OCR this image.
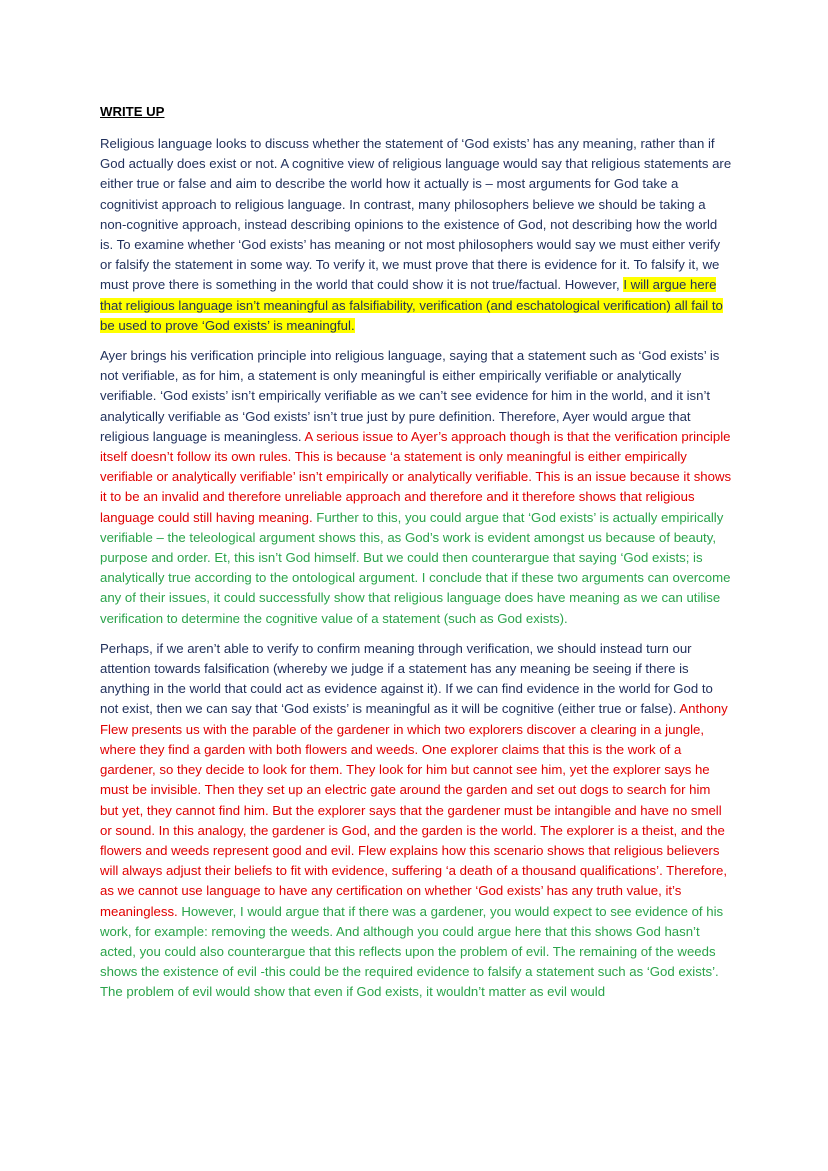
WRITE UP

Religious language looks to discuss whether the statement of ‘God exists’ has any meaning, rather than if God actually does exist or not. A cognitive view of religious language would say that religious statements are either true or false and aim to describe the world how it actually is – most arguments for God take a cognitivist approach to religious language. In contrast, many philosophers believe we should be taking a non-cognitive approach, instead describing opinions to the existence of God, not describing how the world is. To examine whether ‘God exists’ has meaning or not most philosophers would say we must either verify or falsify the statement in some way. To verify it, we must prove that there is evidence for it. To falsify it, we must prove there is something in the world that could show it is not true/factual. However, I will argue here that religious language isn’t meaningful as falsifiability, verification (and eschatological verification) all fail to be used to prove ‘God exists’ is meaningful.

Ayer brings his verification principle into religious language, saying that a statement such as ‘God exists’ is not verifiable, as for him, a statement is only meaningful is either empirically verifiable or analytically verifiable. ‘God exists’ isn’t empirically verifiable as we can’t see evidence for him in the world, and it isn’t analytically verifiable as ‘God exists’ isn’t true just by pure definition. Therefore, Ayer would argue that religious language is meaningless. A serious issue to Ayer’s approach though is that the verification principle itself doesn’t follow its own rules. This is because ‘a statement is only meaningful is either empirically verifiable or analytically verifiable’ isn’t empirically or analytically verifiable. This is an issue because it shows it to be an invalid and therefore unreliable approach and therefore and it therefore shows that religious language could still having meaning. Further to this, you could argue that ‘God exists’ is actually empirically verifiable – the teleological argument shows this, as God’s work is evident amongst us because of beauty, purpose and order. Et, this isn’t God himself. But we could then counterargue that saying ‘God exists; is analytically true according to the ontological argument. I conclude that if these two arguments can overcome any of their issues, it could successfully show that religious language does have meaning as we can utilise verification to determine the cognitive value of a statement (such as God exists).

Perhaps, if we aren’t able to verify to confirm meaning through verification, we should instead turn our attention towards falsification (whereby we judge if a statement has any meaning be seeing if there is anything in the world that could act as evidence against it). If we can find evidence in the world for God to not exist, then we can say that ‘God exists’ is meaningful as it will be cognitive (either true or false). Anthony Flew presents us with the parable of the gardener in which two explorers discover a clearing in a jungle, where they find a garden with both flowers and weeds. One explorer claims that this is the work of a gardener, so they decide to look for them. They look for him but cannot see him, yet the explorer says he must be invisible. Then they set up an electric gate around the garden and set out dogs to search for him but yet, they cannot find him. But the explorer says that the gardener must be intangible and have no smell or sound. In this analogy, the gardener is God, and the garden is the world. The explorer is a theist, and the flowers and weeds represent good and evil. Flew explains how this scenario shows that religious believers will always adjust their beliefs to fit with evidence, suffering ‘a death of a thousand qualifications’. Therefore, as we cannot use language to have any certification on whether ‘God exists’ has any truth value, it’s meaningless. However, I would argue that if there was a gardener, you would expect to see evidence of his work, for example: removing the weeds. And although you could argue here that this shows God hasn’t acted, you could also counterargue that this reflects upon the problem of evil. The remaining of the weeds shows the existence of evil -this could be the required evidence to falsify a statement such as ‘God exists’. The problem of evil would show that even if God exists, it wouldn’t matter as evil would
